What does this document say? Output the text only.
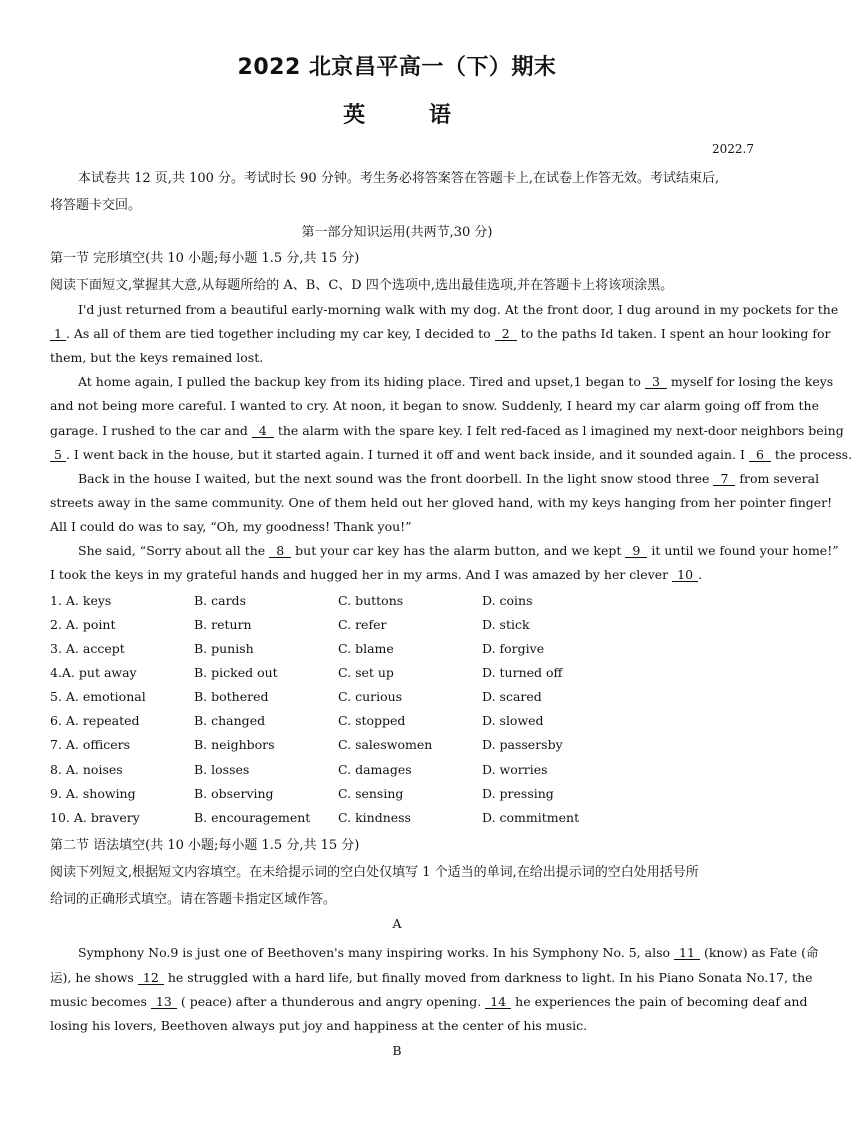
2022 北京昌平高一（下）期末
英 语
2022.7
本试卷共 12 页,共 100 分。考试时长 90 分钟。考生务必将答案答在答题卡上,在试卷上作答无效。考试结束后,
将答题卡交回。
第一部分知识运用(共两节,30 分)
第一节 完形填空(共 10 小题;每小题 1.5 分,共 15 分)
阅读下面短文,掌握其大意,从每题所给的 A、B、C、D 四个选项中,选出最佳选项,并在答题卡上将该项涂黑。
I'd just returned from a beautiful early-morning walk with my dog. At the front door, I dug around in my pockets for the
1 . As all of them are tied together including my car key, I decided to 2 to the paths Id taken. I spent an hour looking for
them, but the keys remained lost.
At home again, I pulled the backup key from its hiding place. Tired and upset,1 began to 3 myself for losing the keys
and not being more careful. I wanted to cry. At noon, it began to snow. Suddenly, I heard my car alarm going off from the
garage. I rushed to the car and 4 the alarm with the spare key. I felt red-faced as l imagined my next-door neighbors being
5 . I went back in the house, but it started again. I turned it off and went back inside, and it sounded again. I 6 the process.
Back in the house I waited, but the next sound was the front doorbell. In the light snow stood three 7 from several
streets away in the same community. One of them held out her gloved hand, with my keys hanging from her pointer finger!
All I could do was to say, “Oh, my goodness! Thank you!”
She said, “Sorry about all the 8 but your car key has the alarm button, and we kept 9 it until we found your home!”
I took the keys in my grateful hands and hugged her in my arms. And I was amazed by her clever 10 .
1. A. keys	B. cards	C. buttons	D. coins
2. A. point	B. return	C. refer	D. stick
3. A. accept	B. punish	C. blame	D. forgive
4.A. put away	B. picked out	C. set up	D. turned off
5. A. emotional	B. bothered	C. curious	D. scared
6. A. repeated	B. changed	C. stopped	D. slowed
7. A. officers	B. neighbors	C. saleswomen	D. passersby
8. A. noises	B. losses	C. damages	D. worries
9. A. showing	B. observing	C. sensing	D. pressing
10. A. bravery	B. encouragement C. kindness	D. commitment
第二节 语法填空(共 10 小题;每小题 1.5 分,共 15 分)
阅读下列短文,根据短文内容填空。在未给提示词的空白处仅填写 1 个适当的单词,在给出提示词的空白处用括号所
给词的正确形式填空。请在答题卡指定区域作答。
A
Symphony No.9 is just one of Beethoven's many inspiring works. In his Symphony No. 5, also 11 (know) as Fate (命
运), he shows 12 he struggled with a hard life, but finally moved from darkness to light. In his Piano Sonata No.17, the
music becomes 13 ( peace) after a thunderous and angry opening. 14 he experiences the pain of becoming deaf and
losing his lovers, Beethoven always put joy and happiness at the center of his music.
B
